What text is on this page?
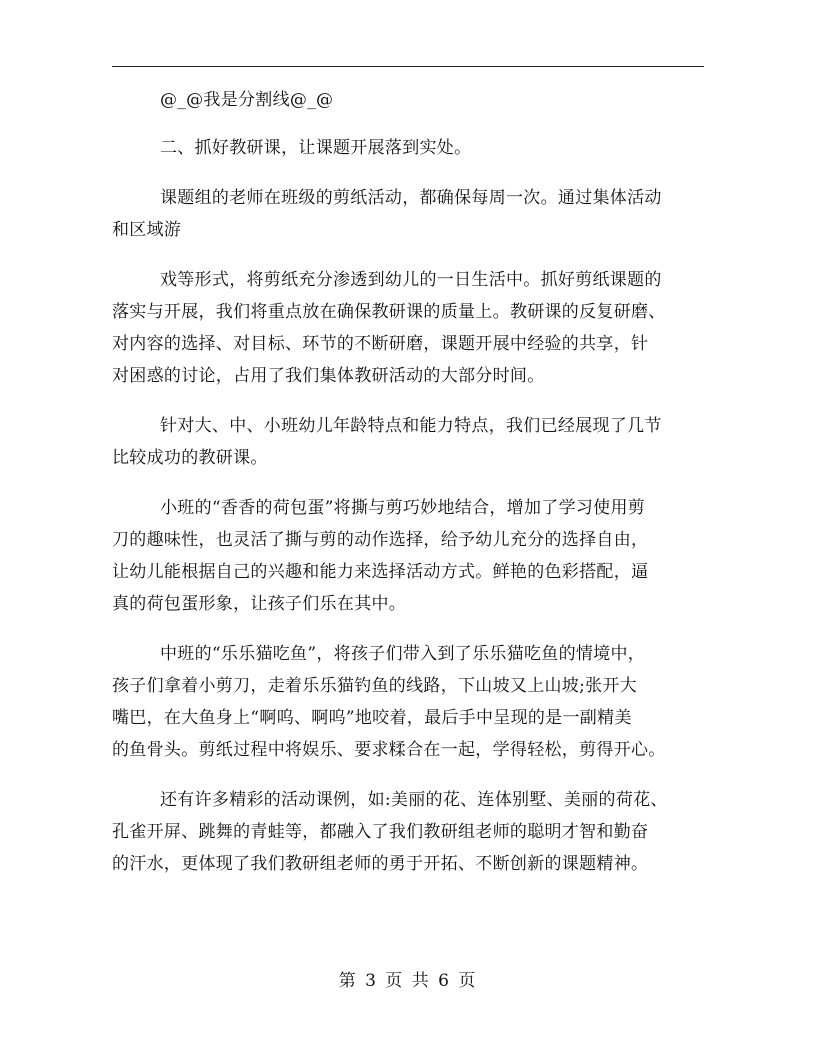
@_@我是分割线@_@

二、抓好教研课，让课题开展落到实处。

课题组的老师在班级的剪纸活动，都确保每周一次。通过集体活动
和区域游

戏等形式，将剪纸充分渗透到幼儿的一日生活中。抓好剪纸课题的
落实与开展，我们将重点放在确保教研课的质量上。教研课的反复研磨、
对内容的选择、对目标、环节的不断研磨，课题开展中经验的共享，针
对困惑的讨论，占用了我们集体教研活动的大部分时间。

针对大、中、小班幼儿年龄特点和能力特点，我们已经展现了几节
比较成功的教研课。

小班的“香香的荷包蛋”将撕与剪巧妙地结合，增加了学习使用剪
刀的趣味性，也灵活了撕与剪的动作选择，给予幼儿充分的选择自由，
让幼儿能根据自己的兴趣和能力来选择活动方式。鲜艳的色彩搭配，逼
真的荷包蛋形象，让孩子们乐在其中。

中班的“乐乐猫吃鱼”，将孩子们带入到了乐乐猫吃鱼的情境中，
孩子们拿着小剪刀，走着乐乐猫钓鱼的线路，下山坡又上山坡;张开大
嘴巴，在大鱼身上“啊呜、啊呜”地咬着，最后手中呈现的是一副精美
的鱼骨头。剪纸过程中将娱乐、要求糅合在一起，学得轻松，剪得开心。

还有许多精彩的活动课例，如:美丽的花、连体别墅、美丽的荷花、
孔雀开屏、跳舞的青蛙等，都融入了我们教研组老师的聪明才智和勤奋
的汗水，更体现了我们教研组老师的勇于开拓、不断创新的课题精神。

第 3 页 共 6 页
